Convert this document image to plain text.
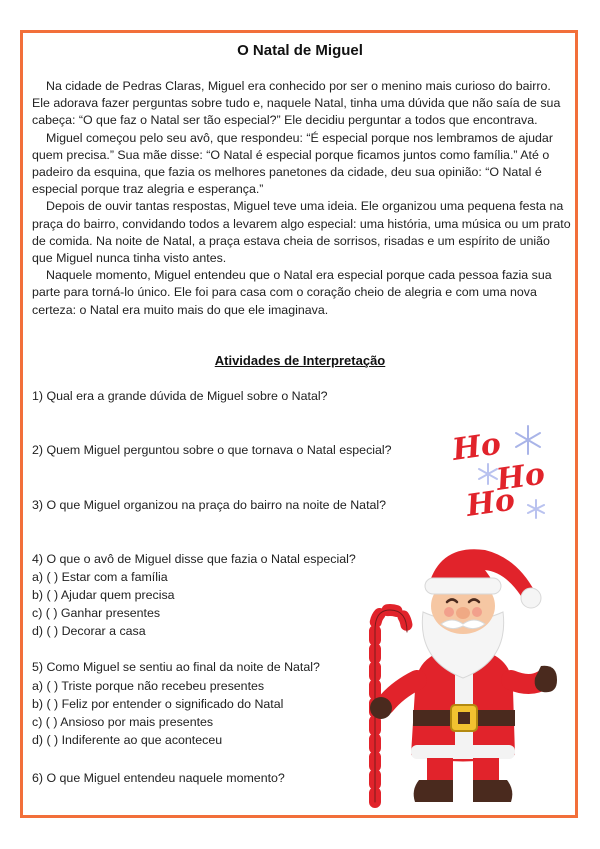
O Natal de Miguel

Na cidade de Pedras Claras, Miguel era conhecido por ser o menino mais curioso do bairro. Ele adorava fazer perguntas sobre tudo e, naquele Natal, tinha uma dúvida que não saía de sua cabeça: “O que faz o Natal ser tão especial?” Ele decidiu perguntar a todos que encontrava.

Miguel começou pelo seu avô, que respondeu: “É especial porque nos lembramos de ajudar quem precisa.” Sua mãe disse: “O Natal é especial porque ficamos juntos como família.” Até o padeiro da esquina, que fazia os melhores panetones da cidade, deu sua opinião: “O Natal é especial porque traz alegria e esperança.”

Depois de ouvir tantas respostas, Miguel teve uma ideia. Ele organizou uma pequena festa na praça do bairro, convidando todos a levarem algo especial: uma história, uma música ou um prato de comida. Na noite de Natal, a praça estava cheia de sorrisos, risadas e um espírito de união que Miguel nunca tinha visto antes.

Naquele momento, Miguel entendeu que o Natal era especial porque cada pessoa fazia sua parte para torná-lo único. Ele foi para casa com o coração cheio de alegria e com uma nova certeza: o Natal era muito mais do que ele imaginava.

Atividades de Interpretação
1) Qual era a grande dúvida de Miguel sobre o Natal?
2) Quem Miguel perguntou sobre o que tornava o Natal especial?
3) O que Miguel organizou na praça do bairro na noite de Natal?
4) O que o avô de Miguel disse que fazia o Natal especial?
a) ( ) Estar com a família
b) ( ) Ajudar quem precisa
c) ( ) Ganhar presentes
d) ( ) Decorar a casa
5) Como Miguel se sentiu ao final da noite de Natal?
a) ( ) Triste porque não recebeu presentes
b) ( ) Feliz por entender o significado do Natal
c) ( ) Ansioso por mais presentes
d) ( ) Indiferente ao que aconteceu
6) O que Miguel entendeu naquele momento?
Ho
Ho
Ho
